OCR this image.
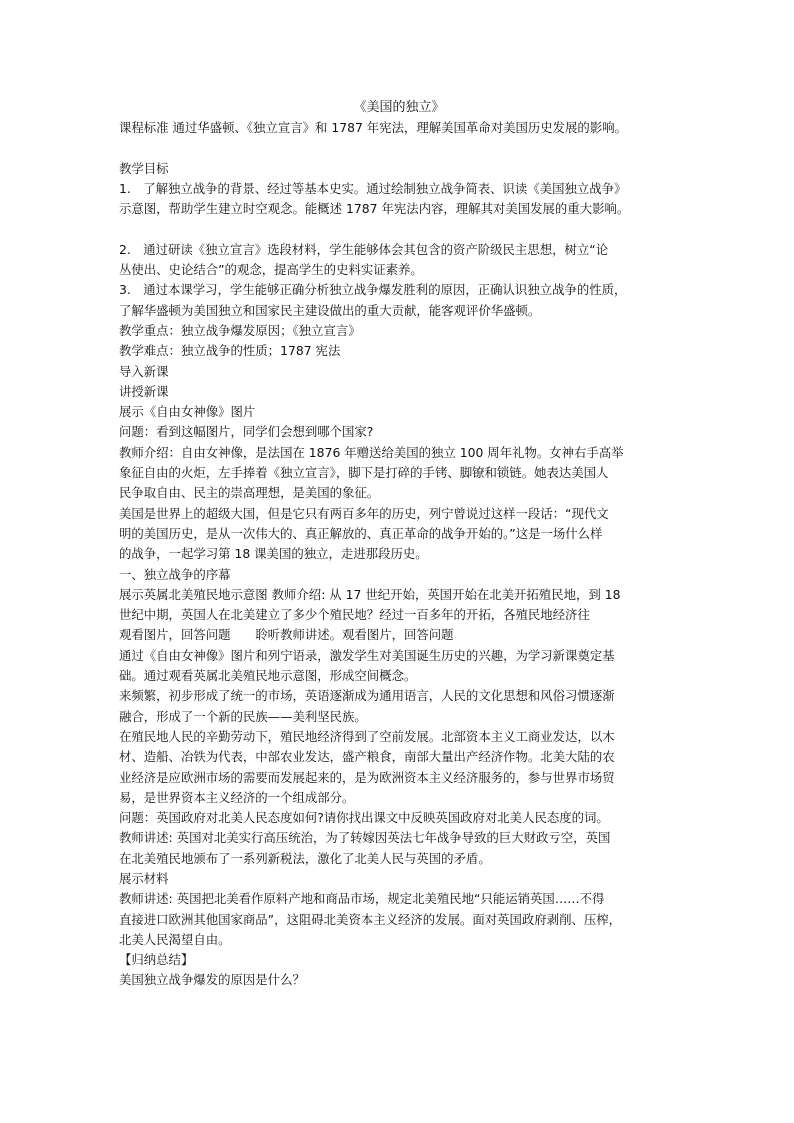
《美国的独立》
课程标准 通过华盛顿、《独立宣言》和 1787 年宪法，理解美国革命对美国历史发展的影响。
教学目标
1.　了解独立战争的背景、经过等基本史实。通过绘制独立战争简表、识读《美国独立战争》
示意图，帮助学生建立时空观念。能概述 1787 年宪法内容，理解其对美国发展的重大影响。
2.　通过研读《独立宣言》选段材料，学生能够体会其包含的资产阶级民主思想，树立“论
丛使出、史论结合”的观念，提高学生的史料实证素养。
3.　通过本课学习，学生能够正确分析独立战争爆发胜利的原因，正确认识独立战争的性质，
了解华盛顿为美国独立和国家民主建设做出的重大贡献，能客观评价华盛顿。
教学重点：独立战争爆发原因；《独立宣言》
教学难点：独立战争的性质；1787 宪法
导入新课
讲授新课
展示《自由女神像》图片
问题：看到这幅图片，同学们会想到哪个国家?
教师介绍：自由女神像，是法国在 1876 年赠送给美国的独立 100 周年礼物。女神右手高举
象征自由的火炬，左手捧着《独立宣言》，脚下是打碎的手铐、脚镣和锁链。她表达美国人
民争取自由、民主的崇高理想，是美国的象征。
美国是世界上的超级大国，但是它只有两百多年的历史，列宁曾说过这样一段话：“现代文
明的美国历史，是从一次伟大的、真正解放的、真正革命的战争开始的。”这是一场什么样
的战争，一起学习第 18 课美国的独立，走进那段历史。
一、独立战争的序幕
展示英属北美殖民地示意图 教师介绍: 从 17 世纪开始，英国开始在北美开拓殖民地，到 18
世纪中期，英国人在北美建立了多少个殖民地？经过一百多年的开拓，各殖民地经济往
观看图片，回答问题　　聆听教师讲述。观看图片，回答问题
通过《自由女神像》图片和列宁语录，激发学生对美国诞生历史的兴趣，为学习新课奠定基
础。通过观看英属北美殖民地示意图，形成空间概念。
来频繁，初步形成了统一的市场，英语逐渐成为通用语言，人民的文化思想和风俗习惯逐渐
融合，形成了一个新的民族——美利坚民族。
在殖民地人民的辛勤劳动下，殖民地经济得到了空前发展。北部资本主义工商业发达，以木
材、造船、冶铁为代表，中部农业发达，盛产粮食，南部大量出产经济作物。北美大陆的农
业经济是应欧洲市场的需要而发展起来的，是为欧洲资本主义经济服务的，参与世界市场贸
易，是世界资本主义经济的一个组成部分。
问题：英国政府对北美人民态度如何?请你找出课文中反映英国政府对北美人民态度的词。
教师讲述: 英国对北美实行高压统治，为了转嫁因英法七年战争导致的巨大财政亏空，英国
在北美殖民地颁布了一系列新税法，激化了北美人民与英国的矛盾。
展示材料
教师讲述: 英国把北美看作原料产地和商品市场，规定北美殖民地“只能运销英国……不得
直接进口欧洲其他国家商品”，这阻碍北美资本主义经济的发展。面对英国政府剥削、压榨，
北美人民渴望自由。
【归纳总结】
美国独立战争爆发的原因是什么？
